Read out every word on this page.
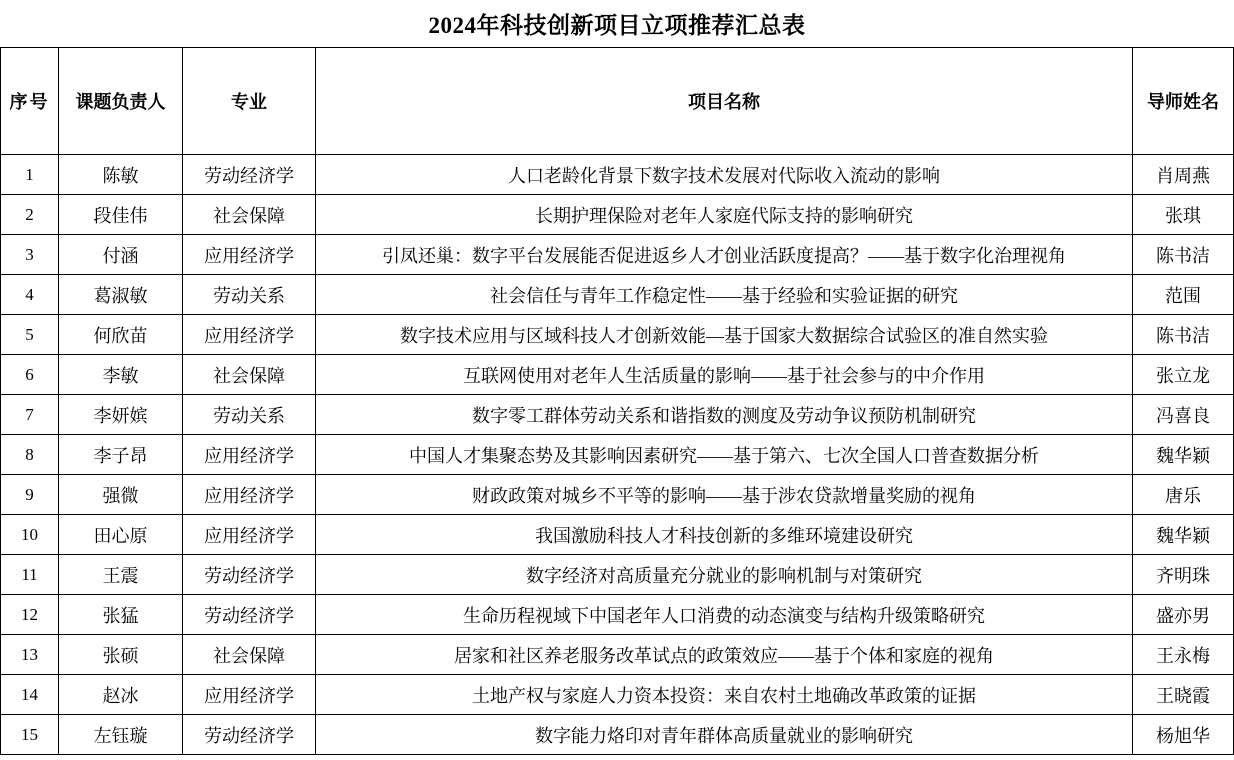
2024年科技创新项目立项推荐汇总表
序号	课题负责人	专业	项目名称	导师姓名
1	陈敏	劳动经济学	人口老龄化背景下数字技术发展对代际收入流动的影响	肖周燕
2	段佳伟	社会保障	长期护理保险对老年人家庭代际支持的影响研究	张琪
3	付涵	应用经济学	引凤还巢：数字平台发展能否促进返乡人才创业活跃度提高？——基于数字化治理视角	陈书洁
4	葛淑敏	劳动关系	社会信任与青年工作稳定性——基于经验和实验证据的研究	范围
5	何欣苗	应用经济学	数字技术应用与区域科技人才创新效能—基于国家大数据综合试验区的准自然实验	陈书洁
6	李敏	社会保障	互联网使用对老年人生活质量的影响——基于社会参与的中介作用	张立龙
7	李妍嫔	劳动关系	数字零工群体劳动关系和谐指数的测度及劳动争议预防机制研究	冯喜良
8	李子昂	应用经济学	中国人才集聚态势及其影响因素研究——基于第六、七次全国人口普查数据分析	魏华颖
9	强微	应用经济学	财政政策对城乡不平等的影响——基于涉农贷款增量奖励的视角	唐乐
10	田心原	应用经济学	我国激励科技人才科技创新的多维环境建设研究	魏华颖
11	王震	劳动经济学	数字经济对高质量充分就业的影响机制与对策研究	齐明珠
12	张猛	劳动经济学	生命历程视域下中国老年人口消费的动态演变与结构升级策略研究	盛亦男
13	张硕	社会保障	居家和社区养老服务改革试点的政策效应——基于个体和家庭的视角	王永梅
14	赵冰	应用经济学	土地产权与家庭人力资本投资：来自农村土地确改革政策的证据	王晓霞
15	左钰璇	劳动经济学	数字能力烙印对青年群体高质量就业的影响研究	杨旭华
